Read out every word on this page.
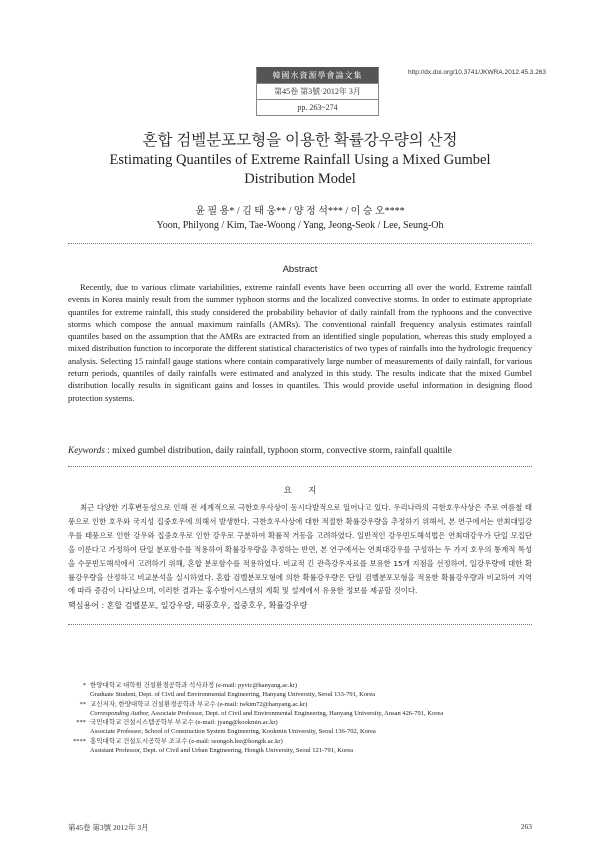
韓國水資源學會論文集
第45卷 第3號·2012年 3月
pp. 263~274
http://dx.doi.org/10.3741/JKWRA.2012.45.3.263
혼합 검벨분포모형을 이용한 확률강우량의 산정
Estimating Quantiles of Extreme Rainfall Using a Mixed Gumbel
Distribution Model
윤 필 용* / 김 태 웅** / 양 정 석*** / 이 승 오****
Yoon, Philyong / Kim, Tae-Woong / Yang, Jeong-Seok / Lee, Seung-Oh
Abstract
Recently, due to various climate variabilities, extreme rainfall events have been occurring all over the world. Extreme rainfall events in Korea mainly result from the summer typhoon storms and the localized convective storms. In order to estimate appropriate quantiles for extreme rainfall, this study considered the probability behavior of daily rainfall from the typhoons and the convective storms which compose the annual maximum rainfalls (AMRs). The conventional rainfall frequency analysis estimates rainfall quantiles based on the assumption that the AMRs are extracted from an identified single population, whereas this study employed a mixed distribution function to incorporate the different statistical characteristics of two types of rainfalls into the hydrologic frequency analysis. Selecting 15 rainfall gauge stations where contain comparatively large number of measurements of daily rainfall, for various return periods, quantiles of daily rainfalls were estimated and analyzed in this study. The results indicate that the mixed Gumbel distribution locally results in significant gains and losses in quantiles. This would provide useful information in designing flood protection systems.
Keywords : mixed gumbel distribution, daily rainfall, typhoon storm, convective storm, rainfall qualtile
요      지
최근 다양한 기후변동성으로 인해 전 세계적으로 극한호우사상이 동시다발적으로 일어나고 있다. 우리나라의 극한호우사상은 주로 여름철 태풍으로 인한 호우와 국지성 집중호우에 의해서 발생한다. 극한호우사상에 대한 적절한 확률강우량을 추정하기 위해서, 본 연구에서는 연최대일강우를 태풍으로 인한 강우와 집중호우로 인한 강우로 구분하여 확률적 거동을 고려하였다. 일반적인 강우빈도해석법은 연최대강우가 단일 모집단을 이룬다고 가정하여 단일 분포함수를 적용하여 확률강우량을 추정하는 반면, 본 연구에서는 연최대강우를 구성하는 두 가지 호우의 통계적 특성을 수문빈도해석에서 고려하기 위해, 혼합 분포함수를 적용하였다. 비교적 긴 관측강우자료를 보유한 15개 지점을 선정하여, 일강우량에 대한 확률강우량을 산정하고 비교분석을 실시하였다. 혼합 검벨분포모형에 의한 확률강우량은 단일 검벨분포모형을 적용한 확률강우량과 비교하여 지역에 따라 증감이 나타났으며, 이러한 결과는 홍수방어시스템의 계획 및 설계에서 유용한 정보를 제공할 것이다.
핵심용어 : 혼합 검벨분포, 일강우량, 태풍호우, 집중호우, 확률강우량
* 한양대학교 대학원 건설환경공학과 석사과정 (e-mail: pyvic@hanyang.ac.kr)
Graduate Student, Dept. of Civil and Environmental Engineering, Hanyang University, Seoul 133-791, Korea
** 교신저자, 한양대학교 건설환경공학과 부교수 (e-mail: twkim72@hanyang.ac.kr)
Corresponding Author, Associate Professor, Dept. of Civil and Environmental Engineering, Hanyang University, Ansan 426-791, Korea
*** 국민대학교 건설시스템공학부 부교수 (e-mail: jyang@kookmin.ac.kr)
Associate Professor, School of Construction System Engineering, Kookmin University, Seoul 136-702, Korea
**** 홍익대학교 건설도시공학부 조교수 (e-mail: seungoh.lee@hongik.ac.kr)
Assistant Professor, Dept. of Civil and Urban Engineering, Hongik University, Seoul 121-791, Korea
第45卷 第3號 2012年 3月	263
